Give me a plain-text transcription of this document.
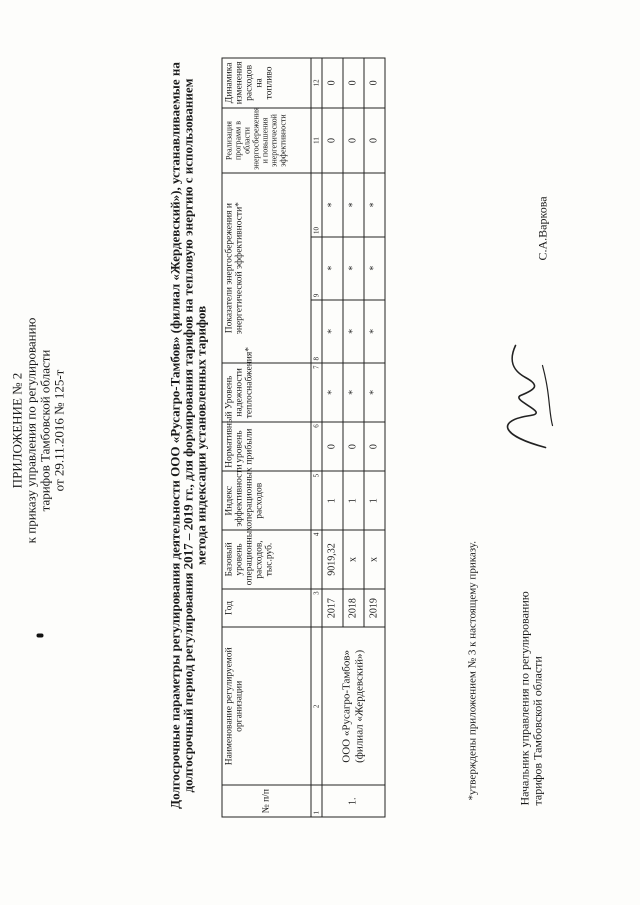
ПРИЛОЖЕНИЕ № 2 к приказу управления по регулированию тарифов Тамбовской области от 29.11.2016 № 125-т	Долгосрочные параметры регулирования деятельности ООО «Русагро-Тамбов» (филиал «Жердевский»), устанавливаемые на
долгосрочный период регулирования 2017 – 2019 гг., для формирования тарифов на тепловую энергию с использованием
метода индексации установленных тарифов
№ п/п	Наименование регулируемой организации	Год	Базовый уровень операционных расходов, тыс.руб.	Индекс эффективности операционных расходов	Нормативный уровень прибыли	Уровень надежности теплоснабжения*	Показатели энергосбережения и энергетической эффективности*			Реализация программ в области энергосбережения и повышения энергетической эффективности	Динамика изменения расходов на топливо
1	2	3	4	5	6	7	8	9	10	11	12
1.	ООО «Русагро-Тамбов» (филиал «Жердевский»)	2017	9019,32	1	0	*	*	*	*	0	0
		2018	х	1	0	*	*	*	*	0	0
		2019	х	1	0	*	*	*	*	0	0
*утверждены приложением № 3 к настоящему приказу.	Начальник управления по регулированию тарифов Тамбовской области
С.А.Варкова
